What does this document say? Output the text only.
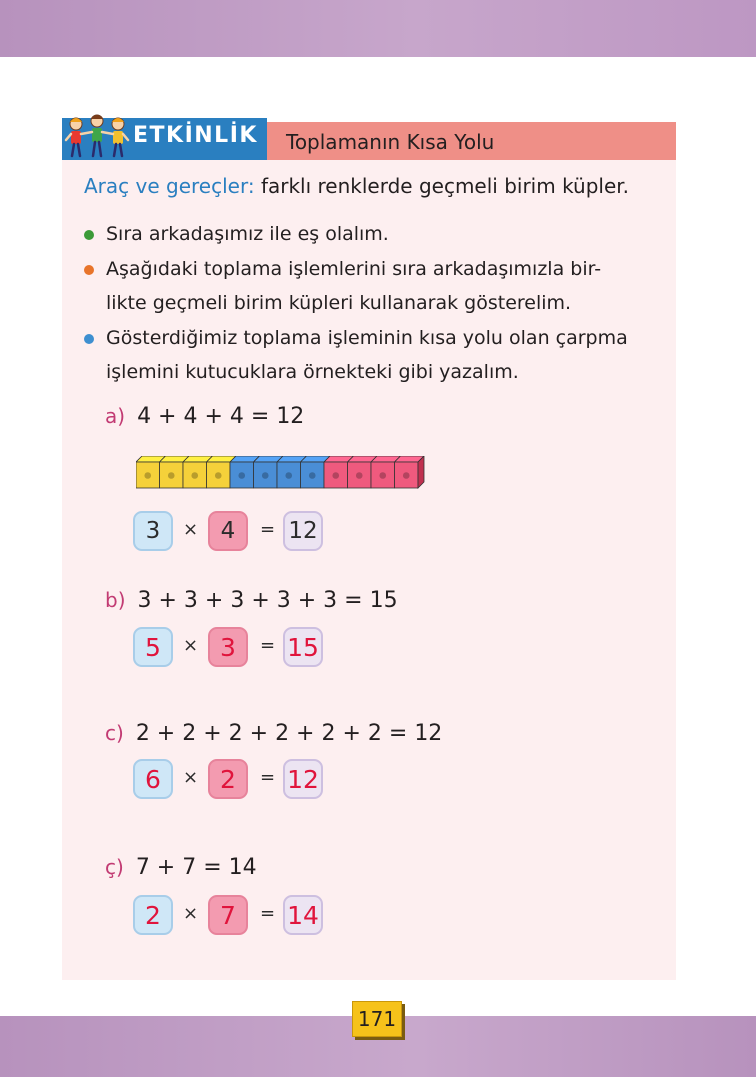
ETKİNLİK Toplamanın Kısa Yolu
Araç ve gereçler: farklı renklerde geçmeli birim küpler.
Sıra arkadaşımız ile eş olalım.
Aşağıdaki toplama işlemlerini sıra arkadaşımızla bir-
likte geçmeli birim küpleri kullanarak gösterelim.
Gösterdiğimiz toplama işleminin kısa yolu olan çarpma
işlemini kutucuklara örnekteki gibi yazalım.
a) 4 + 4 + 4 = 12
3	× 4	= 12
b) 3 + 3 + 3 + 3 + 3 = 15
5	× 3	= 15
c) 2 + 2 + 2 + 2 + 2 + 2 = 12
6	× 2	= 12
ç) 7 + 7 = 14
2	× 7	= 14
171
